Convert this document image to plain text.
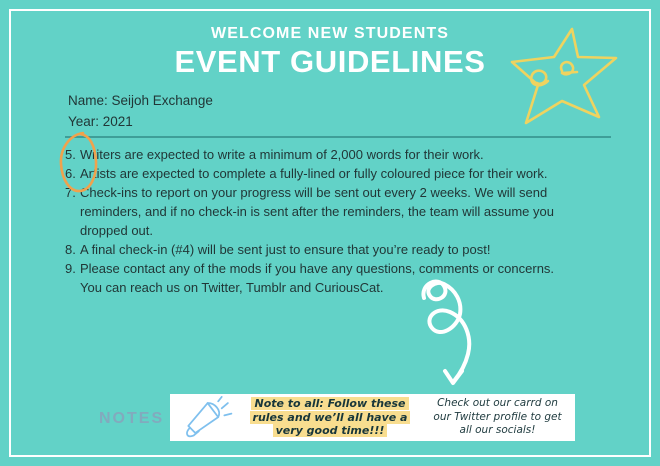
WELCOME NEW STUDENTS
EVENT GUIDELINES
Name: Seijoh Exchange
Year: 2021
5. Writers are expected to write a minimum of 2,000 words for their work.
6. Artists are expected to complete a fully-lined or fully coloured piece for their work.
7. Check-ins to report on your progress will be sent out every 2 weeks. We will send
reminders, and if no check-in is sent after the reminders, the team will assume you
dropped out.
8. A final check-in (#4) will be sent just to ensure that you’re ready to post!
9. Please contact any of the mods if you have any questions, comments or concerns.
You can reach us on Twitter, Tumblr and CuriousCat.
NOTES
Note to all: Follow these
rules and we’ll all have a
very good time!!!
Check out our carrd on
our Twitter profile to get
all our socials!
